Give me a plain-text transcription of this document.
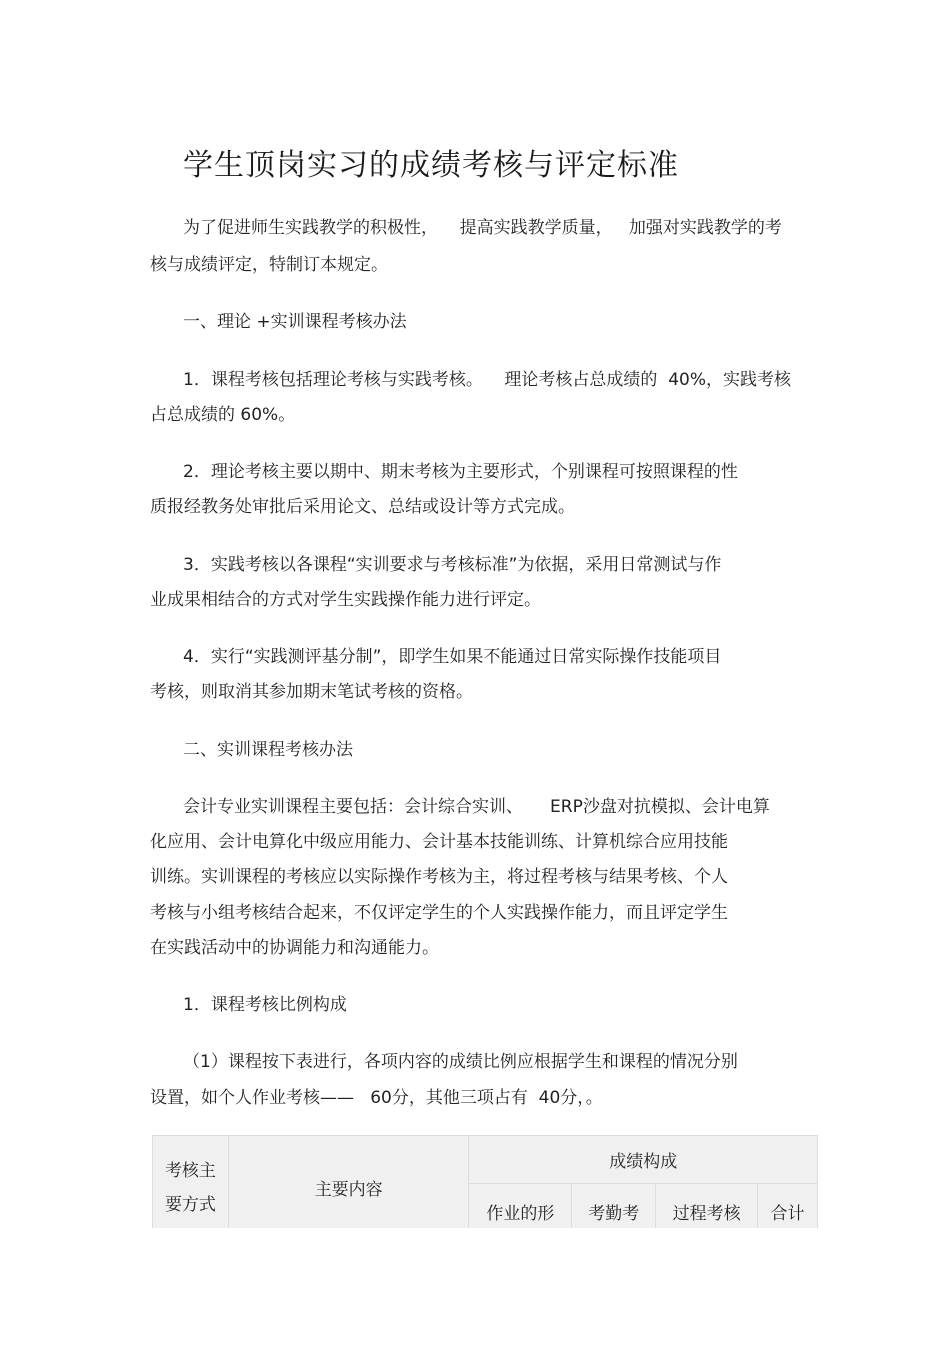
学生顶岗实习的成绩考核与评定标准
为了促进师生实践教学的积极性，    提高实践教学质量，   加强对实践教学的考
核与成绩评定，特制订本规定。
一、理论 +实训课程考核办法
1．课程考核包括理论考核与实践考核。    理论考核占总成绩的  40%，实践考核
占总成绩的 60%。
2．理论考核主要以期中、期末考核为主要形式，个别课程可按照课程的性
质报经教务处审批后采用论文、总结或设计等方式完成。
3．实践考核以各课程“实训要求与考核标准”为依据，采用日常测试与作
业成果相结合的方式对学生实践操作能力进行评定。
4．实行“实践测评基分制”，即学生如果不能通过日常实际操作技能项目
考核，则取消其参加期末笔试考核的资格。
二、实训课程考核办法
会计专业实训课程主要包括：会计综合实训、     ERP沙盘对抗模拟、会计电算
化应用、会计电算化中级应用能力、会计基本技能训练、计算机综合应用技能
训练。实训课程的考核应以实际操作考核为主，将过程考核与结果考核、个人
考核与小组考核结合起来，不仅评定学生的个人实践操作能力，而且评定学生
在实践活动中的协调能力和沟通能力。
1．课程考核比例构成
（1）课程按下表进行，各项内容的成绩比例应根据学生和课程的情况分别
设置，如个人作业考核——   60分，其他三项占有  40分，。
考核主
要方式	主要内容	成绩构成			
		作业的形	考勤考	过程考核	合计
